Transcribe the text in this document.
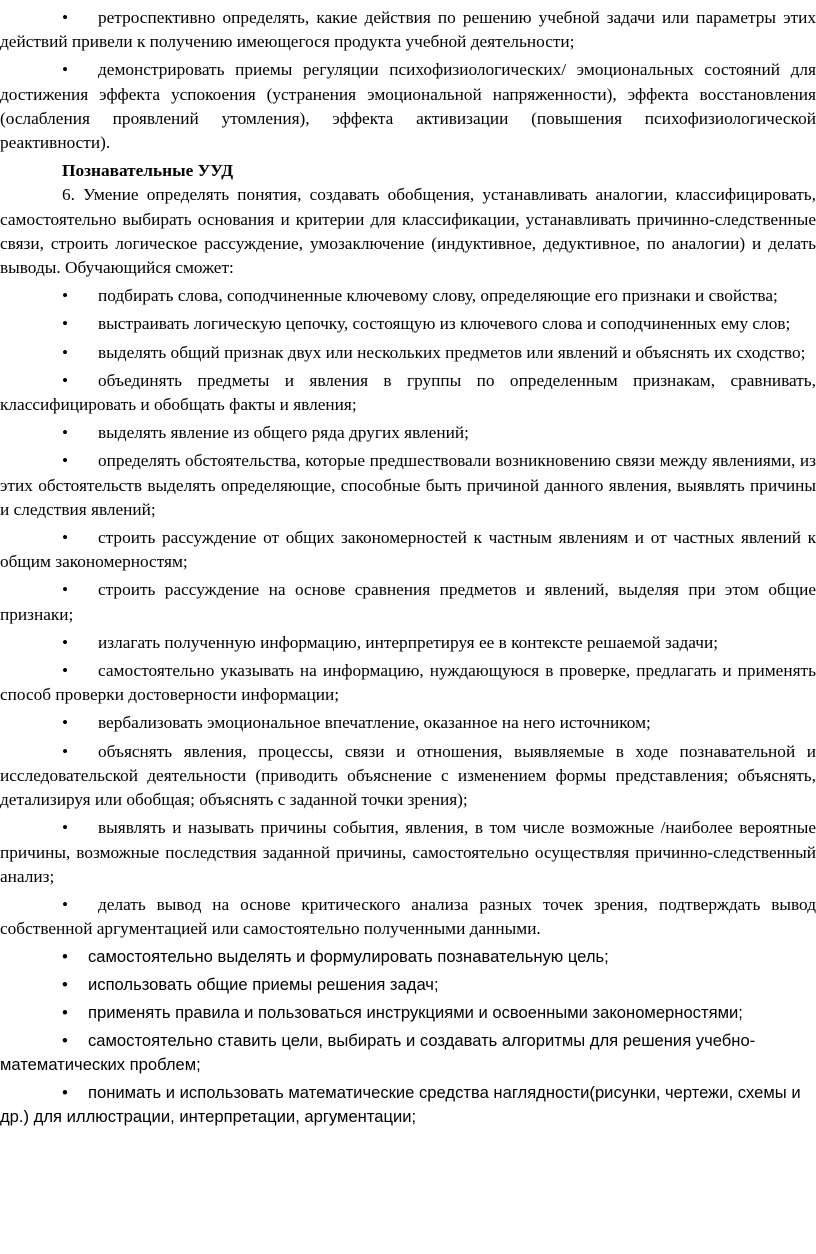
• ретроспективно определять, какие действия по решению учебной задачи или параметры этих действий привели к получению имеющегося продукта учебной деятельности;

• демонстрировать приемы регуляции психофизиологических/ эмоциональных состояний для достижения эффекта успокоения (устранения эмоциональной напряженности), эффекта восстановления (ослабления проявлений утомления), эффекта активизации (повышения психофизиологической реактивности).

Познавательные УУД

6. Умение определять понятия, создавать обобщения, устанавливать аналогии, классифицировать, самостоятельно выбирать основания и критерии для классификации, устанавливать причинно-следственные связи, строить логическое рассуждение, умозаключение (индуктивное, дедуктивное, по аналогии) и делать выводы. Обучающийся сможет:

• подбирать слова, соподчиненные ключевому слову, определяющие его признаки и свойства;

• выстраивать логическую цепочку, состоящую из ключевого слова и соподчиненных ему слов;

• выделять общий признак двух или нескольких предметов или явлений и объяснять их сходство;

• объединять предметы и явления в группы по определенным признакам, сравнивать, классифицировать и обобщать факты и явления;

• выделять явление из общего ряда других явлений;

• определять обстоятельства, которые предшествовали возникновению связи между явлениями, из этих обстоятельств выделять определяющие, способные быть причиной данного явления, выявлять причины и следствия явлений;

• строить рассуждение от общих закономерностей к частным явлениям и от частных явлений к общим закономерностям;

• строить рассуждение на основе сравнения предметов и явлений, выделяя при этом общие признаки;

• излагать полученную информацию, интерпретируя ее в контексте решаемой задачи;

• самостоятельно указывать на информацию, нуждающуюся в проверке, предлагать и применять способ проверки достоверности информации;

• вербализовать эмоциональное впечатление, оказанное на него источником;

• объяснять явления, процессы, связи и отношения, выявляемые в ходе познавательной и исследовательской деятельности (приводить объяснение с изменением формы представления; объяснять, детализируя или обобщая; объяснять с заданной точки зрения);

• выявлять и называть причины события, явления, в том числе возможные /наиболее вероятные причины, возможные последствия заданной причины, самостоятельно осуществляя причинно-следственный анализ;

• делать вывод на основе критического анализа разных точек зрения, подтверждать вывод собственной аргументацией или самостоятельно полученными данными.

• самостоятельно выделять и формулировать познавательную цель;

• использовать общие приемы решения задач;

• применять правила и пользоваться инструкциями и освоенными закономерностями;

• самостоятельно ставить цели, выбирать и создавать алгоритмы для решения учебно-математических проблем;

• понимать и использовать математические средства наглядности(рисунки, чертежи, схемы и др.) для иллюстрации, интерпретации, аргументации;
